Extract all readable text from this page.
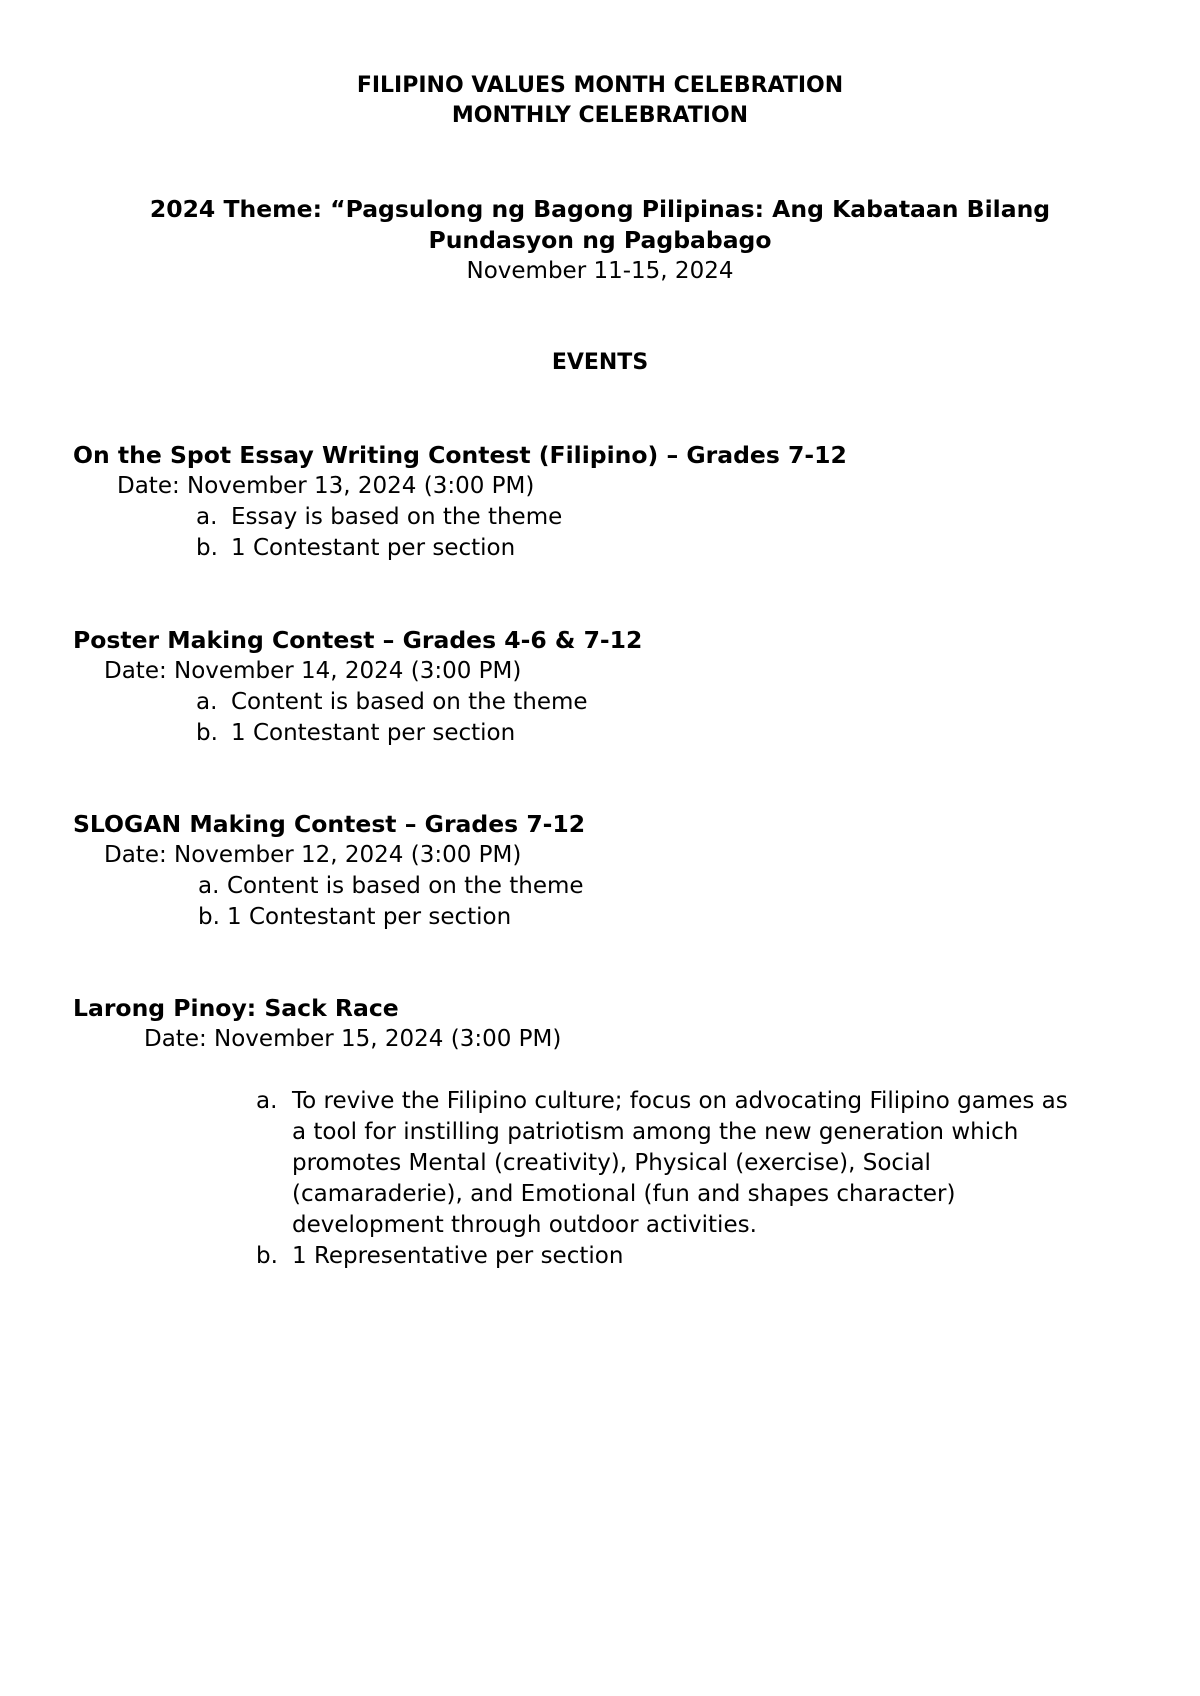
FILIPINO VALUES MONTH CELEBRATION
MONTHLY CELEBRATION
2024 Theme: “Pagsulong ng Bagong Pilipinas: Ang Kabataan Bilang
Pundasyon ng Pagbabago
November 11-15, 2024
EVENTS
On the Spot Essay Writing Contest (Filipino) – Grades 7-12
Date: November 13, 2024 (3:00 PM)
a. Essay is based on the theme
b. 1 Contestant per section
Poster Making Contest – Grades 4-6 & 7-12
Date: November 14, 2024 (3:00 PM)
a. Content is based on the theme
b. 1 Contestant per section
SLOGAN Making Contest – Grades 7-12
Date: November 12, 2024 (3:00 PM)
a. Content is based on the theme
b. 1 Contestant per section
Larong Pinoy: Sack Race
Date: November 15, 2024 (3:00 PM)
a. To revive the Filipino culture; focus on advocating Filipino games as
a tool for instilling patriotism among the new generation which
promotes Mental (creativity), Physical (exercise), Social
(camaraderie), and Emotional (fun and shapes character)
development through outdoor activities.
b. 1 Representative per section
